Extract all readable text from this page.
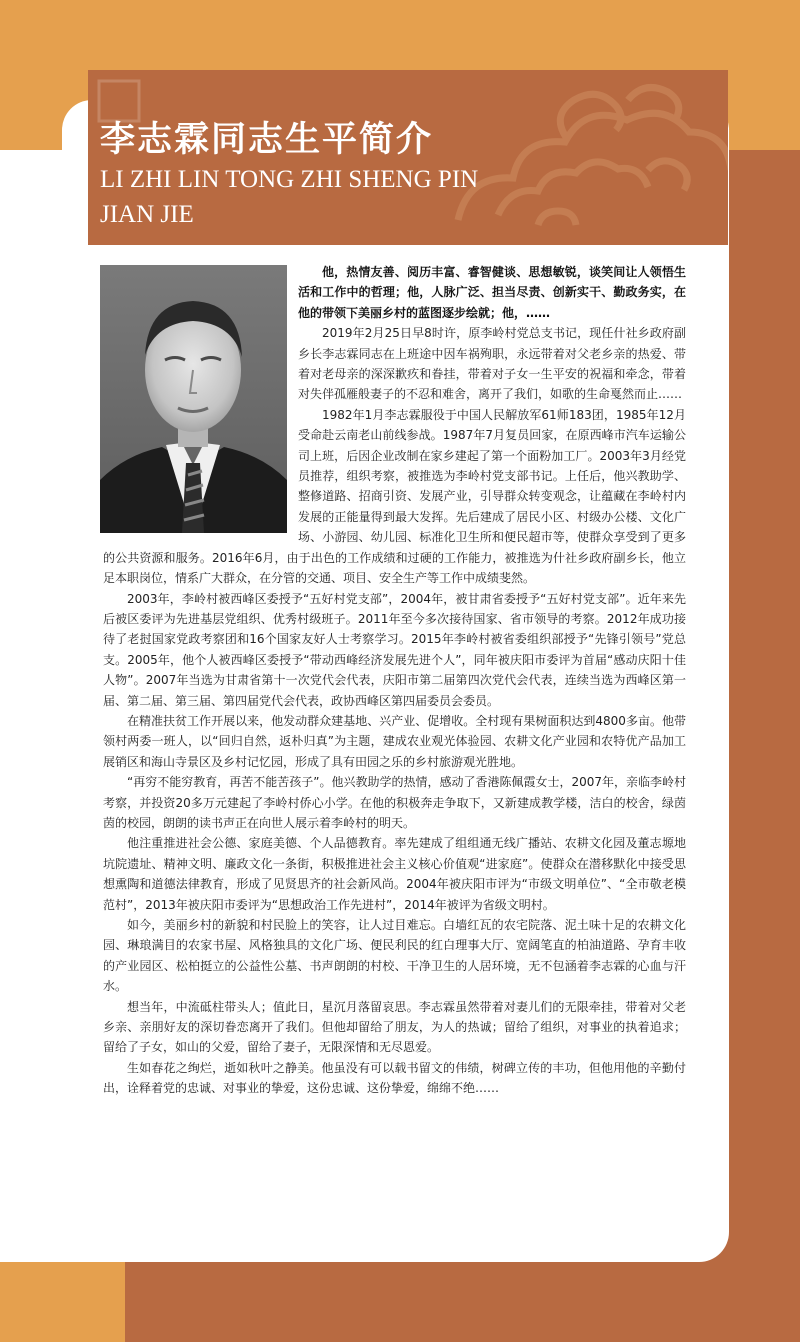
李志霖同志生平简介
LI ZHI LIN TONG ZHI SHENG PIN JIAN JIE

他，热情友善、阅历丰富、睿智健谈、思想敏锐，谈笑间让人领悟生活和工作中的哲理；他，人脉广泛、担当尽责、创新实干、勤政务实，在他的带领下美丽乡村的蓝图逐步绘就；他，……

2019年2月25日早8时许，原李岭村党总支书记，现任什社乡政府副乡长李志霖同志在上班途中因车祸殉职，永远带着对父老乡亲的热爱、带着对老母亲的深深歉疚和眷挂，带着对子女一生平安的祝福和牵念，带着对失伴孤雁般妻子的不忍和难舍，离开了我们，如歌的生命戛然而止……

1982年1月李志霖服役于中国人民解放军61师183团，1985年12月受命赴云南老山前线参战。1987年7月复员回家，在原西峰市汽车运输公司上班，后因企业改制在家乡建起了第一个面粉加工厂。2003年3月经党员推荐，组织考察，被推选为李岭村党支部书记。上任后，他兴教助学、整修道路、招商引资、发展产业，引导群众转变观念，让蕴藏在李岭村内发展的正能量得到最大发挥。先后建成了居民小区、村级办公楼、文化广场、小游园、幼儿园、标准化卫生所和便民超市等，使群众享受到了更多的公共资源和服务。2016年6月，由于出色的工作成绩和过硬的工作能力，被推选为什社乡政府副乡长，他立足本职岗位，情系广大群众，在分管的交通、项目、安全生产等工作中成绩斐然。

2003年，李岭村被西峰区委授予“五好村党支部”，2004年，被甘肃省委授予“五好村党支部”。近年来先后被区委评为先进基层党组织、优秀村级班子。2011年至今多次接待国家、省市领导的考察。2012年成功接待了老挝国家党政考察团和16个国家友好人士考察学习。2015年李岭村被省委组织部授予“先锋引领号”党总支。2005年，他个人被西峰区委授予“带动西峰经济发展先进个人”，同年被庆阳市委评为首届“感动庆阳十佳人物”。2007年当选为甘肃省第十一次党代会代表，庆阳市第二届第四次党代会代表，连续当选为西峰区第一届、第二届、第三届、第四届党代会代表，政协西峰区第四届委员会委员。

在精准扶贫工作开展以来，他发动群众建基地、兴产业、促增收。全村现有果树面积达到4800多亩。他带领村两委一班人，以“回归自然，返朴归真”为主题，建成农业观光体验园、农耕文化产业园和农特优产品加工展销区和海山寺景区及乡村记忆园，形成了具有田园之乐的乡村旅游观光胜地。

“再穷不能穷教育，再苦不能苦孩子”。他兴教助学的热情，感动了香港陈佩霞女士，2007年，亲临李岭村考察，并投资20多万元建起了李岭村侨心小学。在他的积极奔走争取下，又新建成教学楼，洁白的校舍，绿茵茵的校园，朗朗的读书声正在向世人展示着李岭村的明天。

他注重推进社会公德、家庭美德、个人品德教育。率先建成了组组通无线广播站、农耕文化园及董志塬地坑院遗址、精神文明、廉政文化一条街，积极推进社会主义核心价值观“进家庭”。使群众在潜移默化中接受思想熏陶和道德法律教育，形成了见贤思齐的社会新风尚。2004年被庆阳市评为“市级文明单位”、“全市敬老模范村”，2013年被庆阳市委评为“思想政治工作先进村”，2014年被评为省级文明村。

如今，美丽乡村的新貌和村民脸上的笑容，让人过目难忘。白墙红瓦的农宅院落、泥土味十足的农耕文化园、琳琅满目的农家书屋、风格独具的文化广场、便民利民的红白理事大厅、宽阔笔直的柏油道路、孕育丰收的产业园区、松柏挺立的公益性公墓、书声朗朗的村校、干净卫生的人居环境，无不包涵着李志霖的心血与汗水。

想当年，中流砥柱带头人；值此日，星沉月落留哀思。李志霖虽然带着对妻儿们的无限牵挂，带着对父老乡亲、亲朋好友的深切眷恋离开了我们。但他却留给了朋友，为人的热诚；留给了组织，对事业的执着追求；留给了子女，如山的父爱，留给了妻子，无限深情和无尽恩爱。

生如春花之绚烂，逝如秋叶之静美。他虽没有可以载书留文的伟绩，树碑立传的丰功，但他用他的辛勤付出，诠释着党的忠诚、对事业的挚爱，这份忠诚、这份挚爱，绵绵不绝……
